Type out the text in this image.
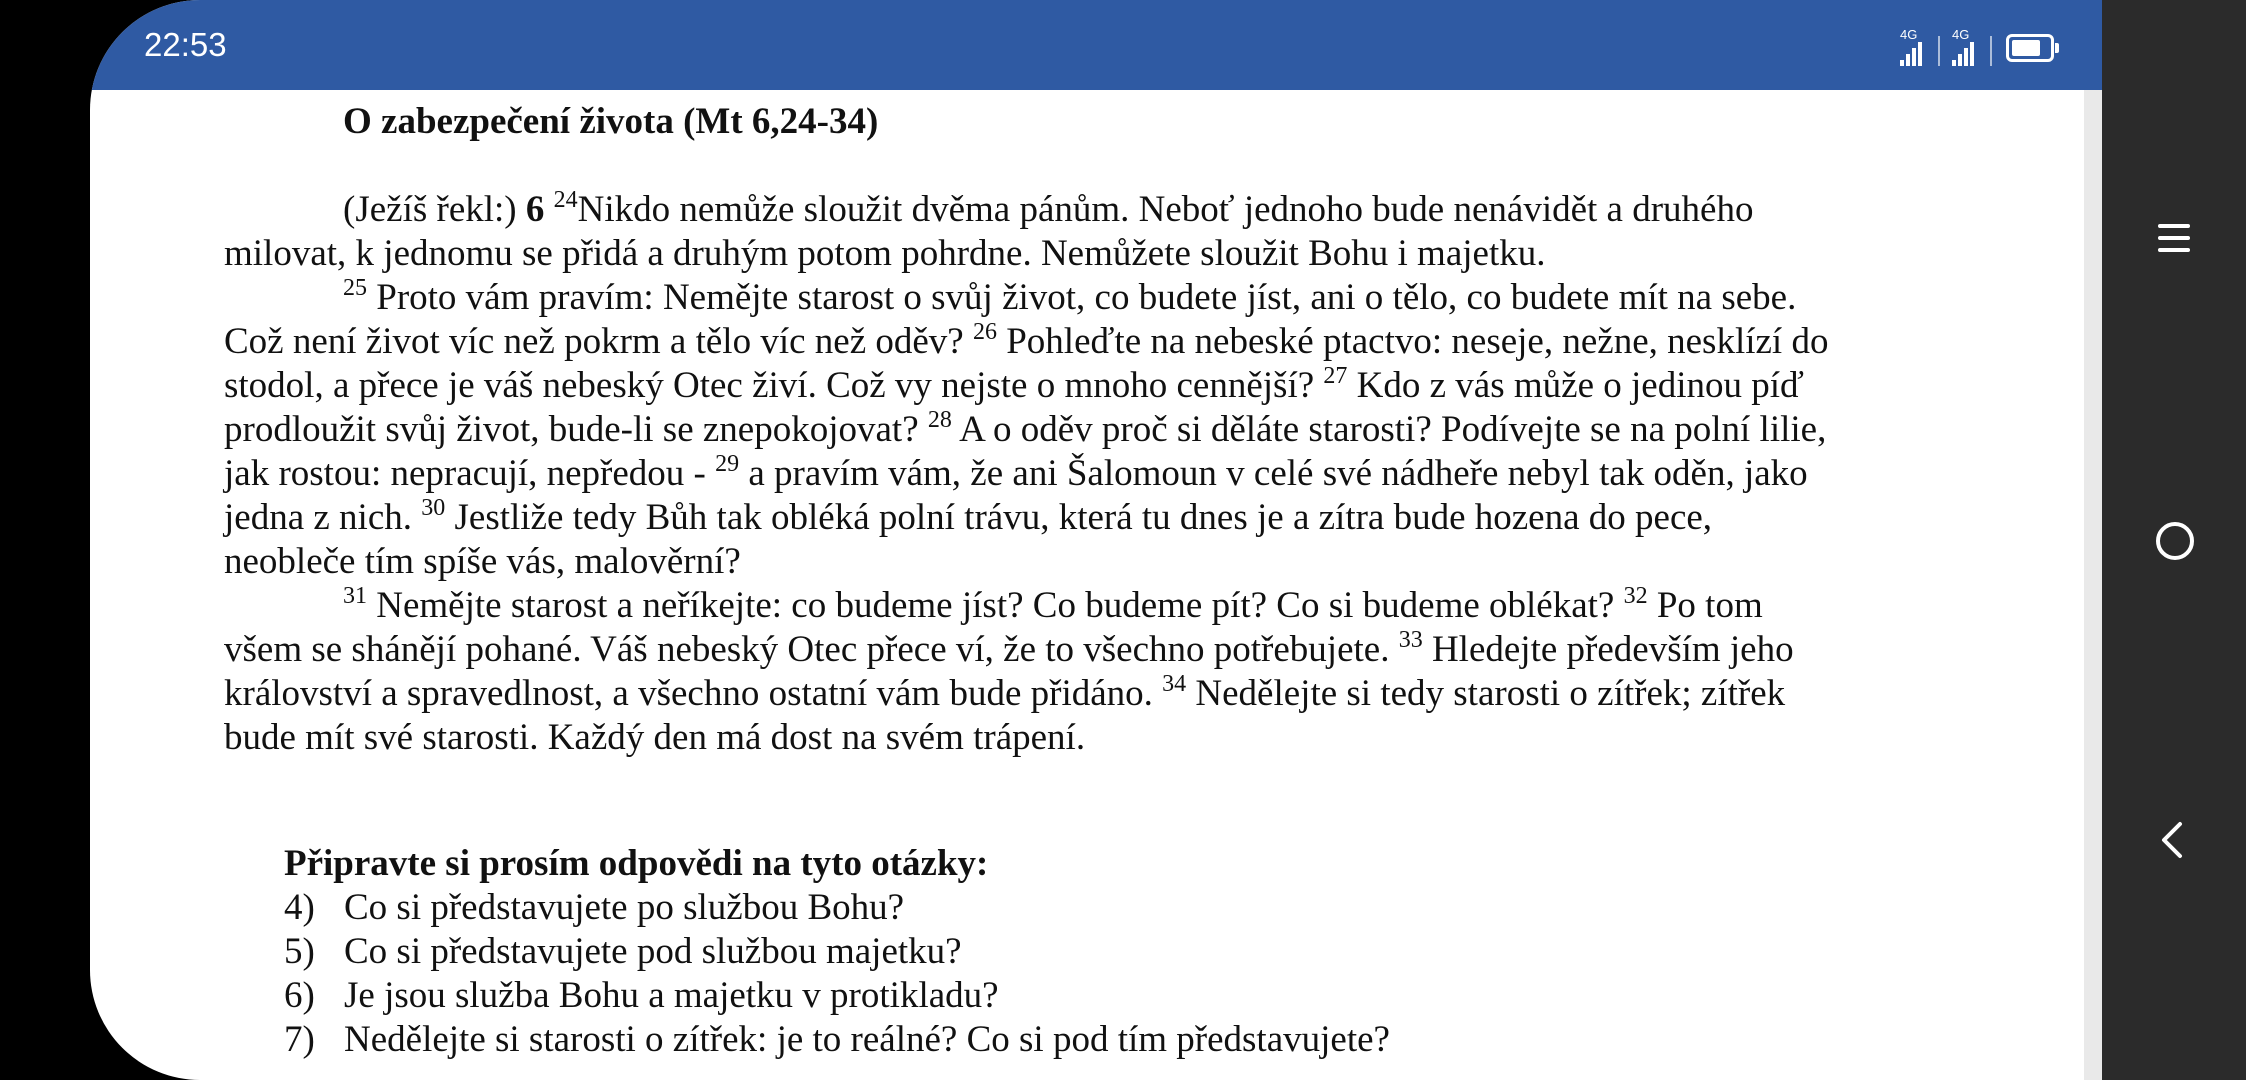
22:53	4G	4G
O zabezpečení života (Mt 6,24-34)
(Ježíš řekl:) 6 $^{24}$Nikdo nemůže sloužit dvěma pánům. Neboť jednoho bude nenávidět a druhého
milovat, k jednomu se přidá a druhým potom pohrdne. Nemůžete sloužit Bohu i majetku.
$^{25}$ Proto vám pravím: Nemějte starost o svůj život, co budete jíst, ani o tělo, co budete mít na sebe.
Což není život víc než pokrm a tělo víc než oděv? $^{26}$ Pohleďte na nebeské ptactvo: neseje, nežne, nesklízí do
stodol, a přece je váš nebeský Otec živí. Což vy nejste o mnoho cennější? $^{27}$ Kdo z vás může o jedinou píď
prodloužit svůj život, bude-li se znepokojovat? $^{28}$ A o oděv proč si děláte starosti? Podívejte se na polní lilie,
jak rostou: nepracují, nepředou - $^{29}$ a pravím vám, že ani Šalomoun v celé své nádheře nebyl tak oděn, jako
jedna z nich. $^{30}$ Jestliže tedy Bůh tak obléká polní trávu, která tu dnes je a zítra bude hozena do pece,
neobleče tím spíše vás, malověrní?
$^{31}$ Nemějte starost a neříkejte: co budeme jíst? Co budeme pít? Co si budeme oblékat? $^{32}$ Po tom
všem se shánějí pohané. Váš nebeský Otec přece ví, že to všechno potřebujete. $^{33}$ Hledejte především jeho
království a spravedlnost, a všechno ostatní vám bude přidáno. $^{34}$ Nedělejte si tedy starosti o zítřek; zítřek
bude mít své starosti. Každý den má dost na svém trápení.
Připravte si prosím odpovědi na tyto otázky:
4) Co si představujete po službou Bohu?
5) Co si představujete pod službou majetku?
6) Je jsou služba Bohu a majetku v protikladu?
7) Nedělejte si starosti o zítřek: je to reálné? Co si pod tím představujete?
